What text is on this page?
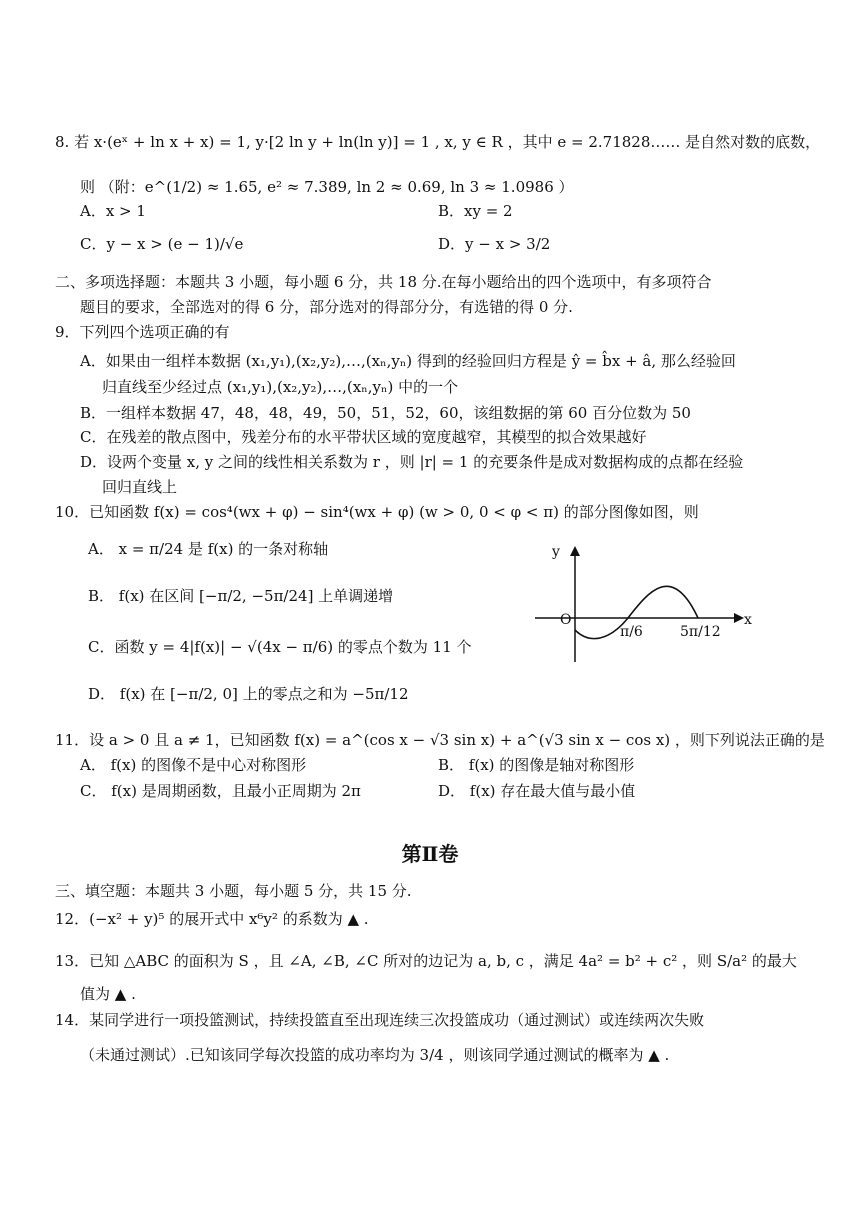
8. 若 x·(eˣ + ln x + x) = 1, y·[2 ln y + ln(ln y)] = 1 , x, y ∈ R ，其中 e = 2.71828…… 是自然对数的底数，
则 （附：e^(1/2) ≈ 1.65, e² ≈ 7.389, ln 2 ≈ 0.69, ln 3 ≈ 1.0986 ）
A．x > 1	B．xy = 2
C．y − x > (e − 1)/√e	D．y − x > 3/2
二、多项选择题：本题共 3 小题，每小题 6 分，共 18 分.在每小题给出的四个选项中，有多项符合
题目的要求，全部选对的得 6 分，部分选对的得部分分，有选错的得 0 分.
9．下列四个选项正确的有
A．如果由一组样本数据 (x₁,y₁),(x₂,y₂),…,(xₙ,yₙ) 得到的经验回归方程是 ŷ = b̂x + â, 那么经验回
归直线至少经过点 (x₁,y₁),(x₂,y₂),…,(xₙ,yₙ) 中的一个
B．一组样本数据 47，48，48，49，50，51，52，60，该组数据的第 60 百分位数为 50
C．在残差的散点图中，残差分布的水平带状区域的宽度越窄，其模型的拟合效果越好
D．设两个变量 x, y 之间的线性相关系数为 r ，则 |r| = 1 的充要条件是成对数据构成的点都在经验
回归直线上
10．已知函数 f(x) = cos⁴(wx + φ) − sin⁴(wx + φ) (w > 0, 0 < φ < π) 的部分图像如图，则
A． x = π/24 是 f(x) 的一条对称轴
B． f(x) 在区间 [−π/2, −5π/24] 上单调递增
C．函数 y = 4|f(x)| − √(4x − π/6) 的零点个数为 11 个
D． f(x) 在 [−π/2, 0] 上的零点之和为 −5π/12
y
x
O
π/6	5π/12
11．设 a > 0 且 a ≠ 1，已知函数 f(x) = a^(cos x − √3 sin x) + a^(√3 sin x − cos x) ，则下列说法正确的是
A． f(x) 的图像不是中心对称图形	B． f(x) 的图像是轴对称图形
C． f(x) 是周期函数，且最小正周期为 2π	D． f(x) 存在最大值与最小值
第Ⅱ卷
三、填空题：本题共 3 小题，每小题 5 分，共 15 分.
12．(−x² + y)⁵ 的展开式中 x⁶y² 的系数为 ▲ .
13．已知 △ABC 的面积为 S ，且 ∠A, ∠B, ∠C 所对的边记为 a, b, c ，满足 4a² = b² + c² ，则 S/a² 的最大
值为 ▲ .
14．某同学进行一项投篮测试，持续投篮直至出现连续三次投篮成功（通过测试）或连续两次失败
（未通过测试）.已知该同学每次投篮的成功率均为 3/4 ，则该同学通过测试的概率为 ▲ .
